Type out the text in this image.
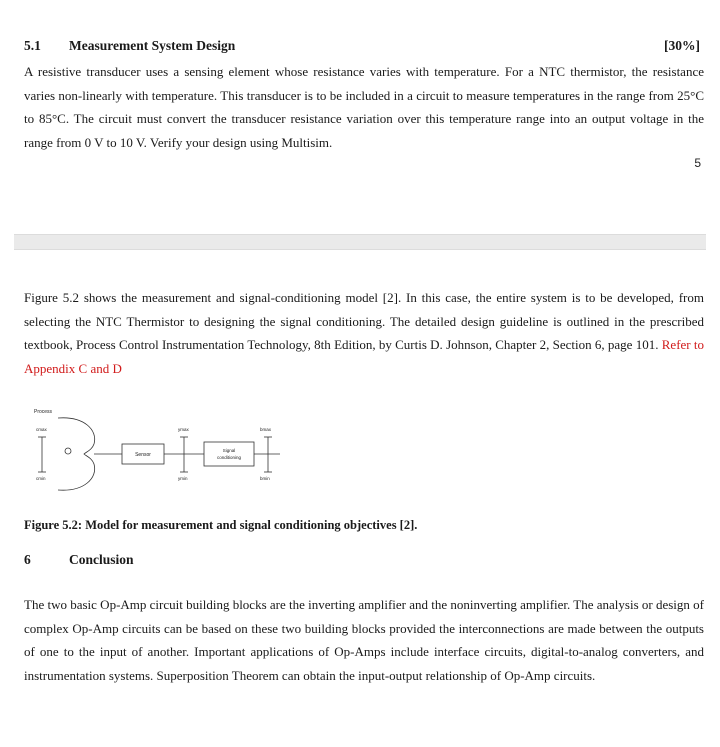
5.1 Measurement System Design	[30%]
A resistive transducer uses a sensing element whose resistance varies with temperature. For a NTC thermistor, the resistance varies non-linearly with temperature. This transducer is to be included in a circuit to measure temperatures in the range from 25°C to 85°C. The circuit must convert the transducer resistance variation over this temperature range into an output voltage in the range from 0 V to 10 V. Verify your design using Multisim.
5
Figure 5.2 shows the measurement and signal-conditioning model [2]. In this case, the entire system is to be developed, from selecting the NTC Thermistor to designing the signal conditioning. The detailed design guideline is outlined in the prescribed textbook, Process Control Instrumentation Technology, 8th Edition, by Curtis D. Johnson, Chapter 2, Section 6, page 101. Refer to Appendix C and D
Process
cmax
cmin
Sensor
ymax
ymin
Signal
conditioning
bmax
bmin
Figure 5.2: Model for measurement and signal conditioning objectives [2].
6	Conclusion
The two basic Op-Amp circuit building blocks are the inverting amplifier and the noninverting amplifier. The analysis or design of complex Op-Amp circuits can be based on these two building blocks provided the interconnections are made between the outputs of one to the input of another. Important applications of Op-Amps include interface circuits, digital-to-analog converters, and instrumentation systems. Superposition Theorem can obtain the input-output relationship of Op-Amp circuits.
